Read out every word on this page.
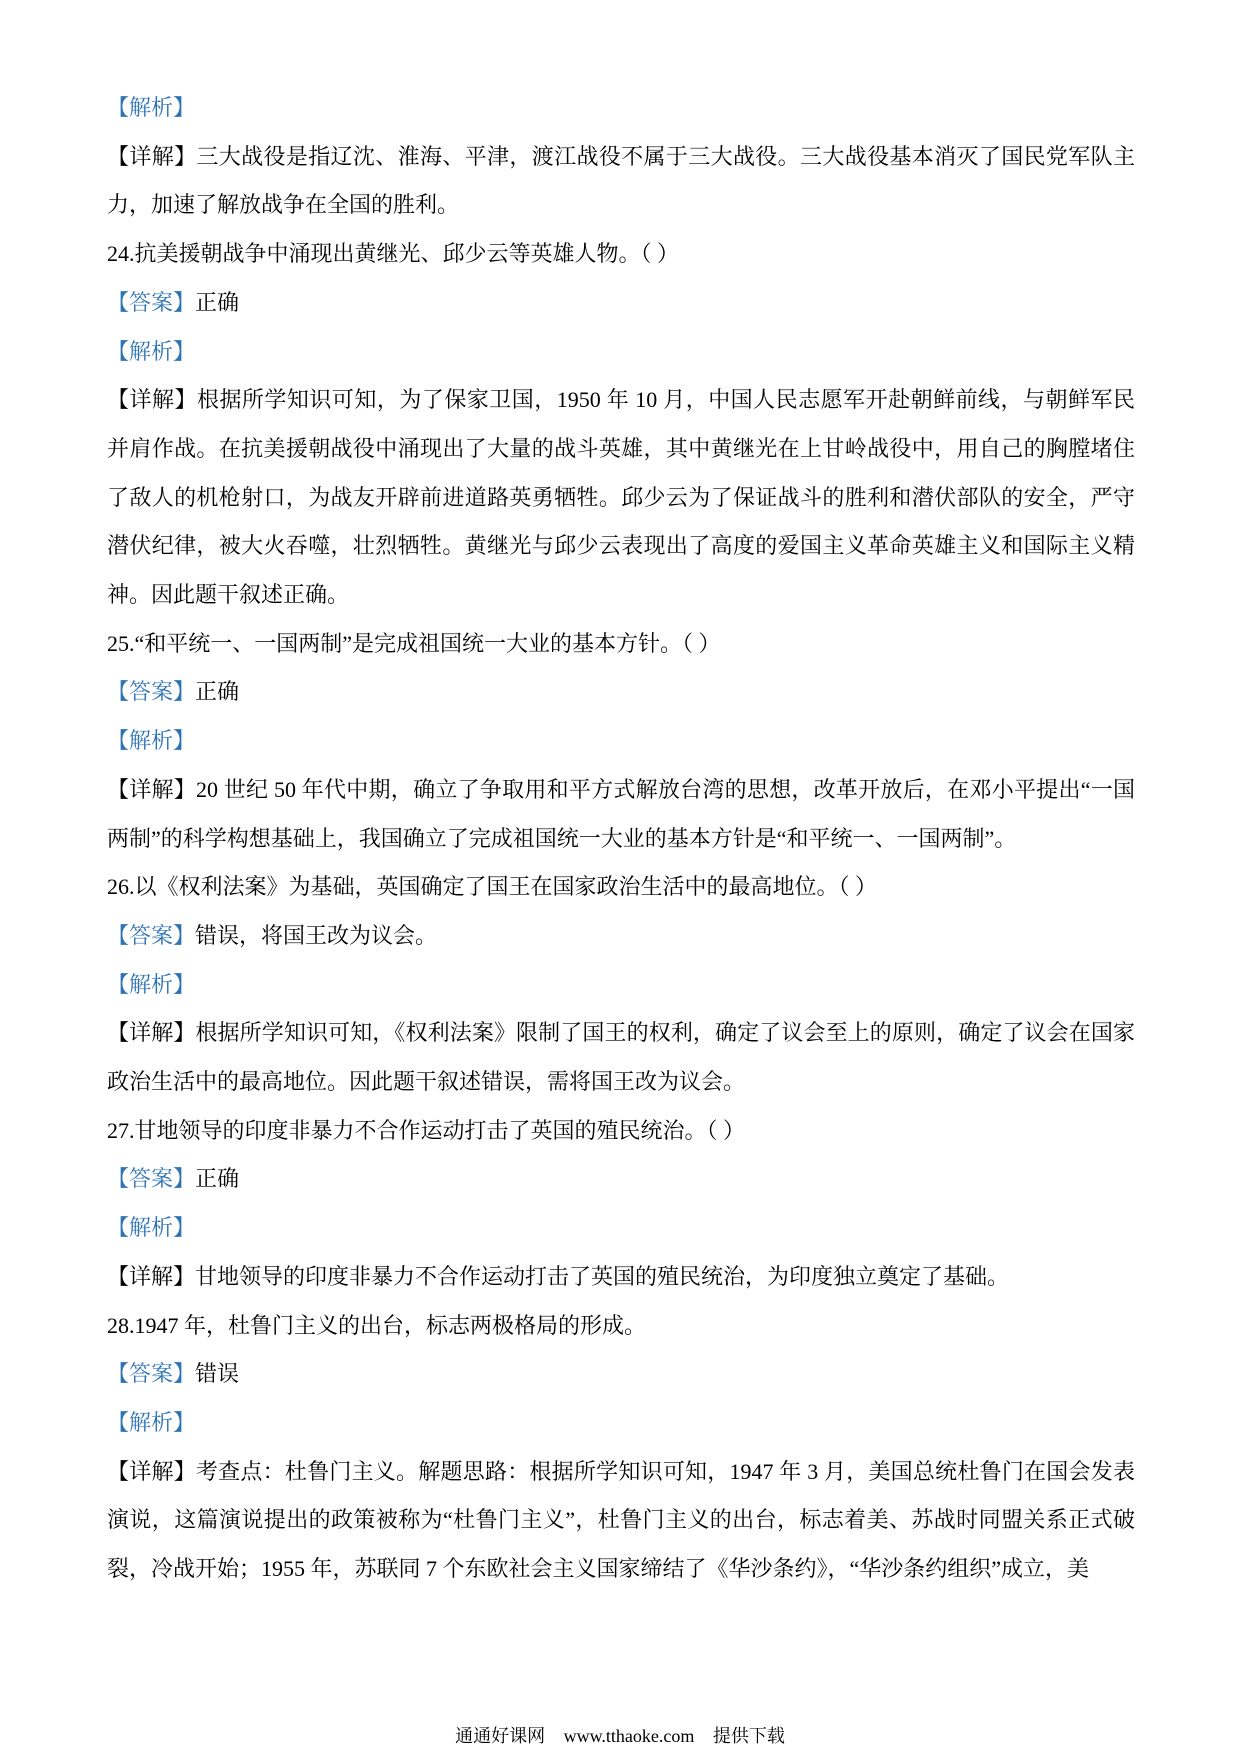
【解析】

【详解】三大战役是指辽沈、淮海、平津，渡江战役不属于三大战役。三大战役基本消灭了国民党军队主力，加速了解放战争在全国的胜利。

24.抗美援朝战争中涌现出黄继光、邱少云等英雄人物。（ ）

【答案】正确

【解析】

【详解】根据所学知识可知，为了保家卫国，1950 年 10 月，中国人民志愿军开赴朝鲜前线，与朝鲜军民并肩作战。在抗美援朝战役中涌现出了大量的战斗英雄，其中黄继光在上甘岭战役中，用自己的胸膛堵住了敌人的机枪射口，为战友开辟前进道路英勇牺牲。邱少云为了保证战斗的胜利和潜伏部队的安全，严守潜伏纪律，被大火吞噬，壮烈牺牲。黄继光与邱少云表现出了高度的爱国主义革命英雄主义和国际主义精神。因此题干叙述正确。

25.“和平统一、一国两制”是完成祖国统一大业的基本方针。（ ）

【答案】正确

【解析】

【详解】20 世纪 50 年代中期，确立了争取用和平方式解放台湾的思想，改革开放后，在邓小平提出“一国两制”的科学构想基础上，我国确立了完成祖国统一大业的基本方针是“和平统一、一国两制”。

26.以《权利法案》为基础，英国确定了国王在国家政治生活中的最高地位。（ ）

【答案】错误，将国王改为议会。

【解析】

【详解】根据所学知识可知，《权利法案》限制了国王的权利，确定了议会至上的原则，确定了议会在国家政治生活中的最高地位。因此题干叙述错误，需将国王改为议会。

27.甘地领导的印度非暴力不合作运动打击了英国的殖民统治。（ ）

【答案】正确

【解析】

【详解】甘地领导的印度非暴力不合作运动打击了英国的殖民统治，为印度独立奠定了基础。

28.1947 年，杜鲁门主义的出台，标志两极格局的形成。

【答案】错误

【解析】

【详解】考查点：杜鲁门主义。解题思路：根据所学知识可知，1947 年 3 月，美国总统杜鲁门在国会发表演说，这篇演说提出的政策被称为“杜鲁门主义”，杜鲁门主义的出台，标志着美、苏战时同盟关系正式破裂，冷战开始；1955 年，苏联同 7 个东欧社会主义国家缔结了《华沙条约》，“华沙条约组织”成立，美

通通好课网 www.tthaoke.com 提供下载
